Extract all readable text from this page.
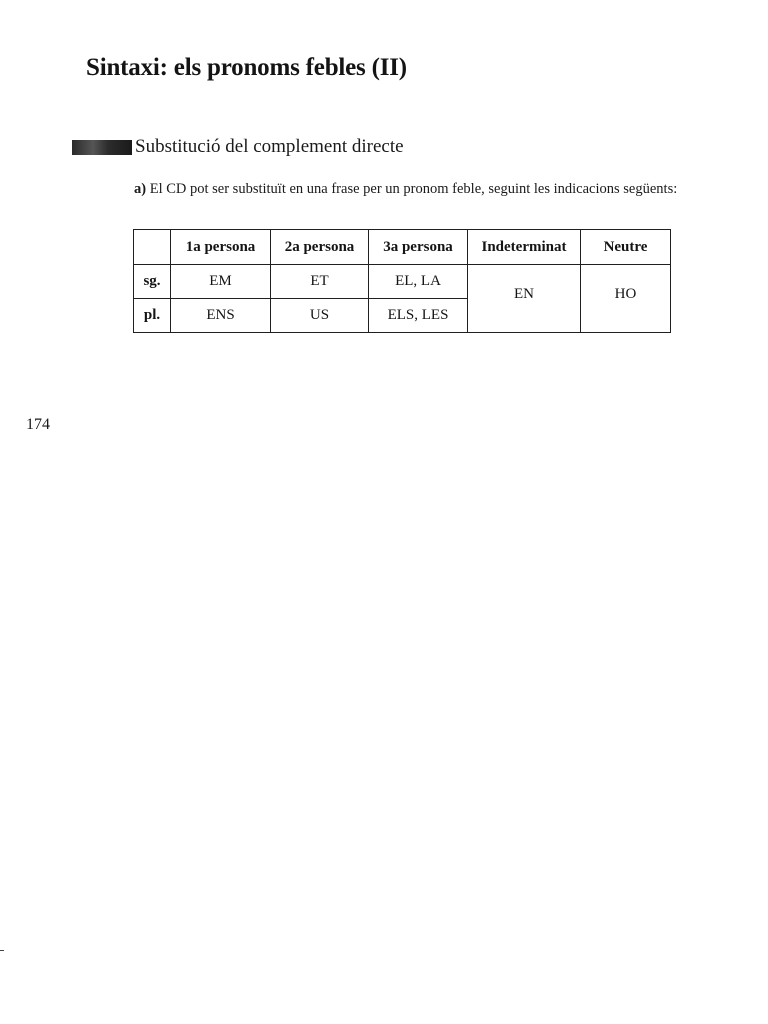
Sintaxi: els pronoms febles (II)
Substitució del complement directe
a) El CD pot ser substituït en una frase per un pronom feble, seguint les indicacions següents:
	1a persona	2a persona	3a persona	Indeterminat	Neutre
sg.	EM	ET	EL, LA	EN	HO
pl.	ENS	US	ELS, LES		
174
